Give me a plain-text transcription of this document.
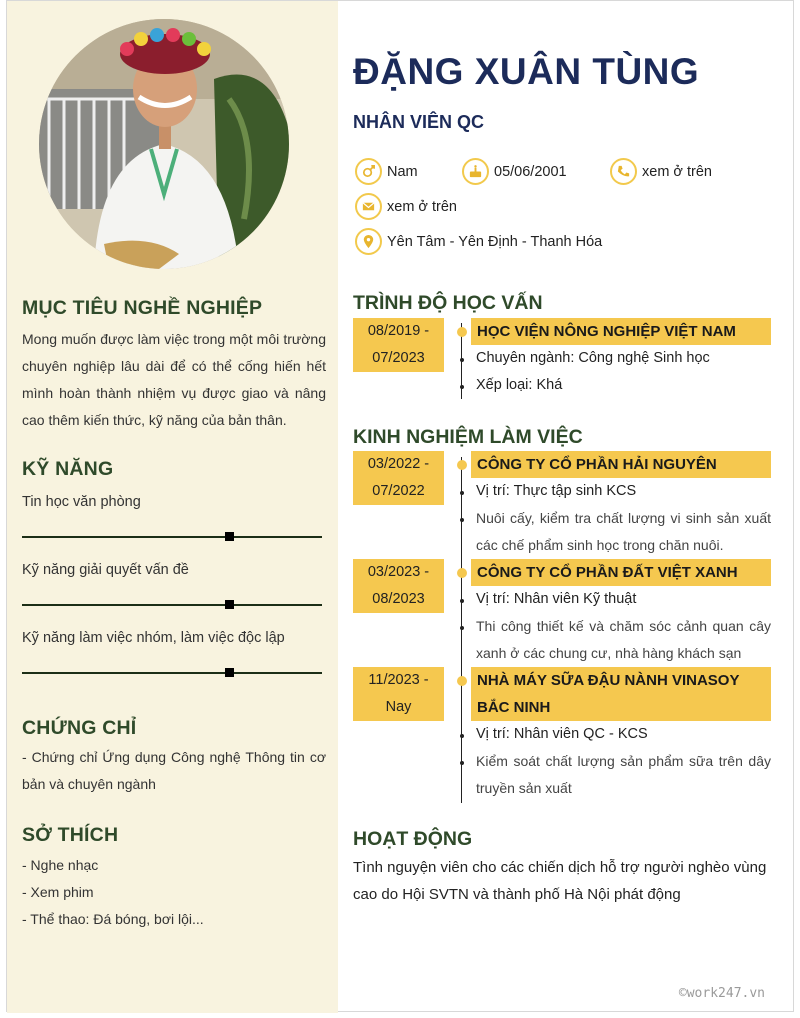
MỤC TIÊU NGHỀ NGHIỆP
Mong muốn được làm việc trong một môi trường chuyên nghiệp lâu dài để có thể cống hiến hết mình hoàn thành nhiệm vụ được giao và nâng cao thêm kiến thức, kỹ năng của bản thân.
KỸ NĂNG
Tin học văn phòng
Kỹ năng giải quyết vấn đề
Kỹ năng làm việc nhóm, làm việc độc lập
CHỨNG CHỈ
- Chứng chỉ Ứng dụng Công nghệ Thông tin cơ bản và chuyên ngành
SỞ THÍCH
- Nghe nhạc
- Xem phim
- Thể thao: Đá bóng, bơi lội...
ĐẶNG XUÂN TÙNG
NHÂN VIÊN QC
Nam	05/06/2001	xem ở trên
xem ở trên
Yên Tâm - Yên Định - Thanh Hóa
TRÌNH ĐỘ HỌC VẤN
08/2019 -
07/2023
HỌC VIỆN NÔNG NGHIỆP VIỆT NAM
Chuyên ngành: Công nghệ Sinh học
Xếp loại: Khá
KINH NGHIỆM LÀM VIỆC
03/2022 -
07/2022
CÔNG TY CỔ PHẦN HẢI NGUYÊN
Vị trí: Thực tập sinh KCS
Nuôi cấy, kiểm tra chất lượng vi sinh sản xuất các chế phẩm sinh học trong chăn nuôi.
03/2023 -
08/2023
CÔNG TY CỔ PHẦN ĐẤT VIỆT XANH
Vị trí: Nhân viên Kỹ thuật
Thi công thiết kế và chăm sóc cảnh quan cây xanh ở các chung cư, nhà hàng khách sạn
11/2023 -
Nay
NHÀ MÁY SỮA ĐẬU NÀNH VINASOY BẮC NINH
Vị trí: Nhân viên QC - KCS
Kiểm soát chất lượng sản phẩm sữa trên dây truyền sản xuất
HOẠT ĐỘNG
Tình nguyện viên cho các chiến dịch hỗ trợ người nghèo vùng cao do Hội SVTN và thành phố Hà Nội phát động
©work247.vn
